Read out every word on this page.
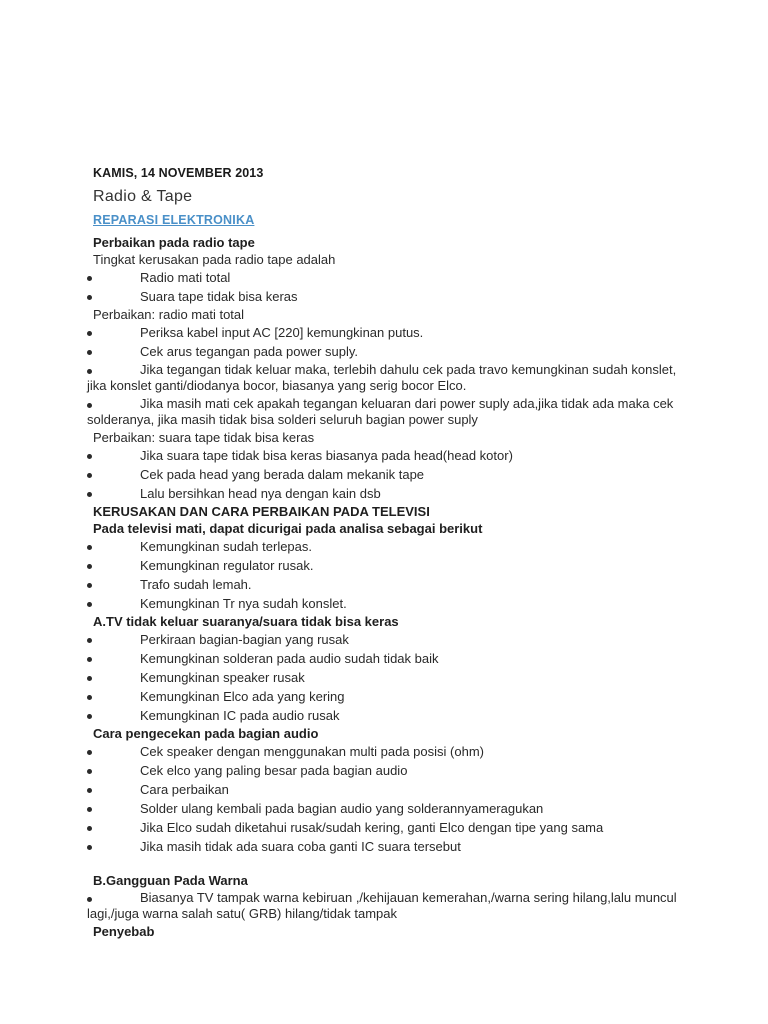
KAMIS, 14 NOVEMBER 2013
Radio & Tape
REPARASI ELEKTRONIKA
Perbaikan pada radio tape
Tingkat kerusakan pada radio tape adalah
Radio mati total
Suara tape tidak bisa keras
Perbaikan: radio mati total
Periksa kabel input AC [220] kemungkinan putus.
Cek arus tegangan pada power suply.
Jika tegangan tidak keluar maka, terlebih dahulu cek pada travo kemungkinan sudah konslet, jika konslet ganti/diodanya bocor, biasanya yang serig bocor Elco.
Jika masih mati cek apakah tegangan keluaran dari power suply ada,jika tidak ada maka cek solderanya, jika masih tidak bisa solderi seluruh bagian power suply
Perbaikan: suara tape tidak bisa keras
Jika suara tape tidak bisa keras biasanya pada head(head kotor)
Cek pada head yang berada dalam mekanik tape
Lalu bersihkan head nya dengan kain dsb
KERUSAKAN DAN CARA PERBAIKAN PADA TELEVISI
Pada televisi mati, dapat dicurigai pada analisa sebagai berikut
Kemungkinan sudah terlepas.
Kemungkinan regulator rusak.
Trafo sudah lemah.
Kemungkinan Tr nya sudah konslet.
A.TV tidak keluar suaranya/suara tidak bisa keras
Perkiraan bagian-bagian yang rusak
Kemungkinan solderan pada audio sudah tidak baik
Kemungkinan speaker rusak
Kemungkinan Elco ada yang kering
Kemungkinan IC pada audio rusak
Cara pengecekan pada bagian audio
Cek speaker dengan menggunakan multi pada posisi (ohm)
Cek elco yang paling besar pada bagian audio
Cara perbaikan
Solder ulang kembali pada bagian audio yang solderannyameragukan
Jika Elco sudah diketahui rusak/sudah kering, ganti Elco dengan tipe yang sama
Jika masih tidak ada suara coba ganti IC suara tersebut
B.Gangguan Pada Warna
Biasanya TV tampak warna kebiruan ,/kehijauan kemerahan,/warna sering hilang,lalu muncul lagi,/juga warna salah satu( GRB) hilang/tidak tampak
Penyebab
